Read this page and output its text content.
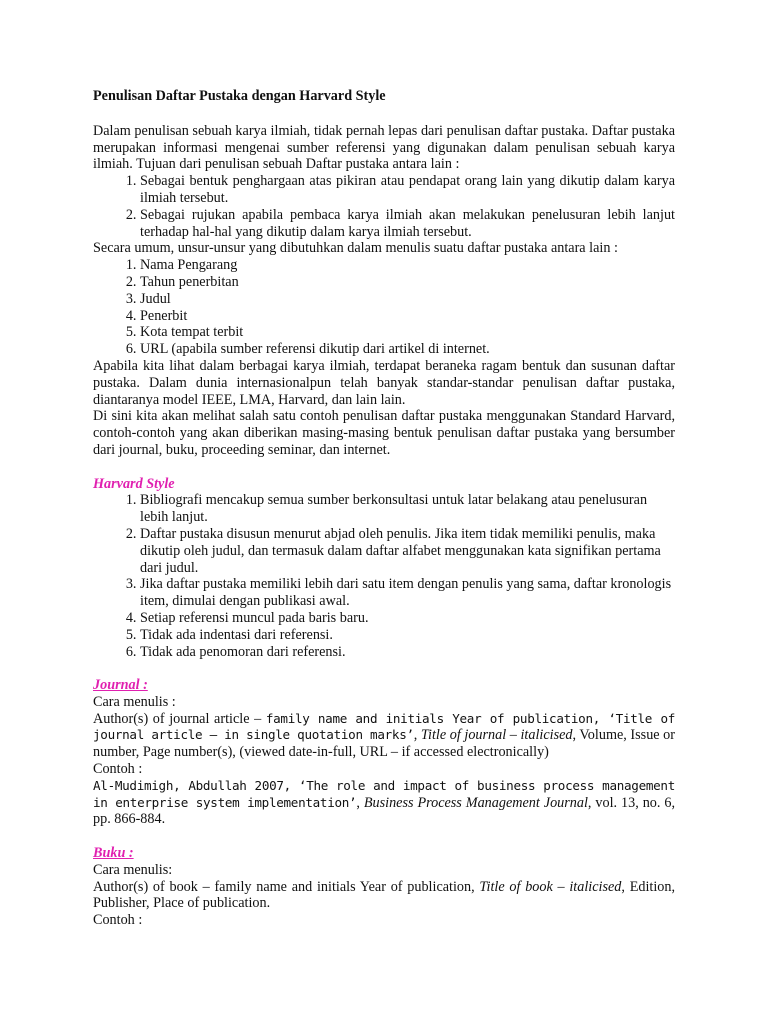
Penulisan Daftar Pustaka dengan Harvard Style

Dalam penulisan sebuah karya ilmiah, tidak pernah lepas dari penulisan daftar pustaka. Daftar pustaka merupakan informasi mengenai sumber referensi yang digunakan dalam penulisan sebuah karya ilmiah. Tujuan dari penulisan sebuah Daftar pustaka antara lain :

1. Sebagai bentuk penghargaan atas pikiran atau pendapat orang lain yang dikutip dalam karya ilmiah tersebut.
2. Sebagai rujukan apabila pembaca karya ilmiah akan melakukan penelusuran lebih lanjut terhadap hal-hal yang dikutip dalam karya ilmiah tersebut.

Secara umum, unsur-unsur yang dibutuhkan dalam menulis suatu daftar pustaka antara lain :

1. Nama Pengarang
2. Tahun penerbitan
3. Judul
4. Penerbit
5. Kota tempat terbit
6. URL (apabila sumber referensi dikutip dari artikel di internet.

Apabila kita lihat dalam berbagai karya ilmiah, terdapat beraneka ragam bentuk dan susunan daftar pustaka. Dalam dunia internasionalpun telah banyak standar-standar penulisan daftar pustaka, diantaranya model IEEE, LMA, Harvard, dan lain lain.

Di sini kita akan melihat salah satu contoh penulisan daftar pustaka menggunakan Standard Harvard, contoh-contoh yang akan diberikan masing-masing bentuk penulisan daftar pustaka yang bersumber dari journal, buku, proceeding seminar, dan internet.

Harvard Style
1. Bibliografi mencakup semua sumber berkonsultasi untuk latar belakang atau penelusuran lebih lanjut.
2. Daftar pustaka disusun menurut abjad oleh penulis. Jika item tidak memiliki penulis, maka dikutip oleh judul, dan termasuk dalam daftar alfabet menggunakan kata signifikan pertama dari judul.
3. Jika daftar pustaka memiliki lebih dari satu item dengan penulis yang sama, daftar kronologis item, dimulai dengan publikasi awal.
4. Setiap referensi muncul pada baris baru.
5. Tidak ada indentasi dari referensi.
6. Tidak ada penomoran dari referensi.
Journal :

Cara menulis :

Author(s) of journal article – family name and initials Year of publication, ‘Title of journal article – in single quotation marks’, Title of journal – italicised, Volume, Issue or number, Page number(s), (viewed date-in-full, URL – if accessed electronically)

Contoh :

Al-Mudimigh, Abdullah 2007, ‘The role and impact of business process management in enterprise system implementation’, Business Process Management Journal, vol. 13, no. 6, pp. 866-884.

Buku :

Cara menulis:

Author(s) of book – family name and initials Year of publication, Title of book – italicised, Edition, Publisher, Place of publication.

Contoh :
